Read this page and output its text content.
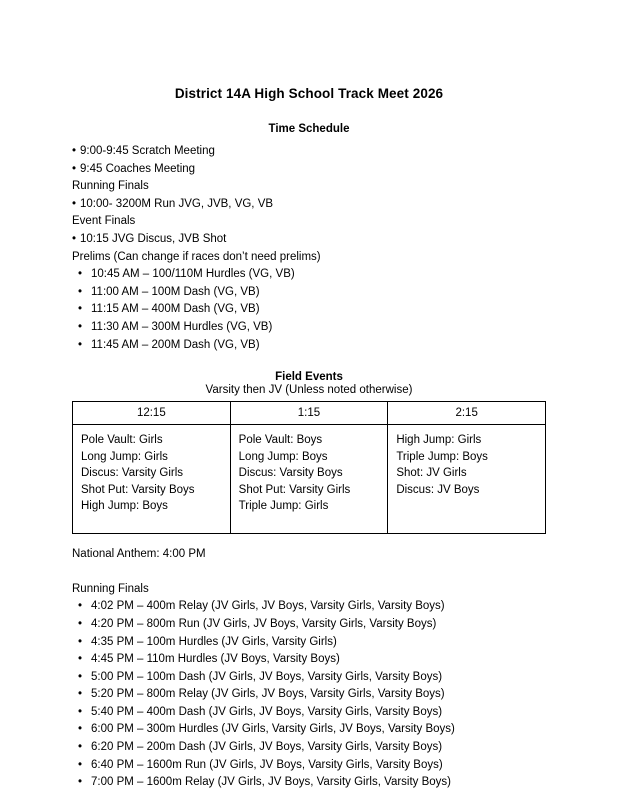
District 14A High School Track Meet 2026
Time Schedule
• 9:00-9:45 Scratch Meeting
• 9:45 Coaches Meeting
Running Finals
• 10:00- 3200M Run JVG, JVB, VG, VB
Event Finals
• 10:15 JVG Discus, JVB Shot
Prelims (Can change if races don’t need prelims)
• 10:45 AM – 100/110M Hurdles (VG, VB)
• 11:00 AM – 100M Dash (VG, VB)
• 11:15 AM – 400M Dash (VG, VB)
• 11:30 AM – 300M Hurdles (VG, VB)
• 11:45 AM – 200M Dash (VG, VB)
Field Events
Varsity then JV (Unless noted otherwise)
12:15	1:15	2:15

Pole Vault: Girls
Long Jump: Girls
Discus: Varsity Girls
Shot Put: Varsity Boys
High Jump: Boys

Pole Vault: Boys
Long Jump: Boys
Discus: Varsity Boys
Shot Put: Varsity Girls
Triple Jump: Girls

High Jump: Girls
Triple Jump: Boys
Shot: JV Girls
Discus: JV Boys
National Anthem: 4:00 PM
Running Finals
• 4:02 PM – 400m Relay (JV Girls, JV Boys, Varsity Girls, Varsity Boys)
• 4:20 PM – 800m Run (JV Girls, JV Boys, Varsity Girls, Varsity Boys)
• 4:35 PM – 100m Hurdles (JV Girls, Varsity Girls)
• 4:45 PM – 110m Hurdles (JV Boys, Varsity Boys)
• 5:00 PM – 100m Dash (JV Girls, JV Boys, Varsity Girls, Varsity Boys)
• 5:20 PM – 800m Relay (JV Girls, JV Boys, Varsity Girls, Varsity Boys)
• 5:40 PM – 400m Dash (JV Girls, JV Boys, Varsity Girls, Varsity Boys)
• 6:00 PM – 300m Hurdles (JV Girls, Varsity Girls, JV Boys, Varsity Boys)
• 6:20 PM – 200m Dash (JV Girls, JV Boys, Varsity Girls, Varsity Boys)
• 6:40 PM – 1600m Run (JV Girls, JV Boys, Varsity Girls, Varsity Boys)
• 7:00 PM – 1600m Relay (JV Girls, JV Boys, Varsity Girls, Varsity Boys)
